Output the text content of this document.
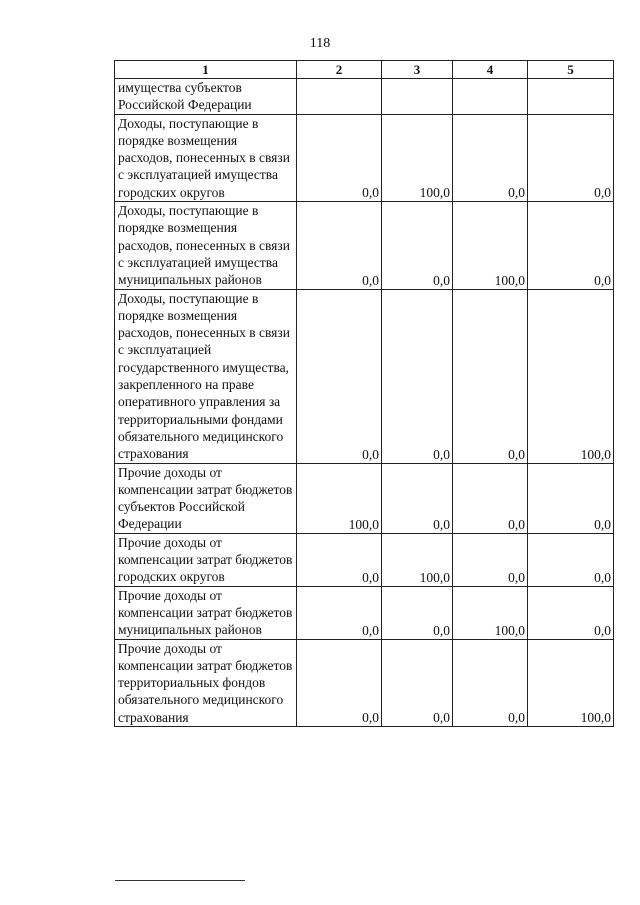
118
1	2	3	4	5
имущества субъектов Российской Федерации				
Доходы, поступающие в порядке возмещения расходов, понесенных в связи с эксплуатацией имущества городских округов	0,0	100,0	0,0	0,0
Доходы, поступающие в порядке возмещения расходов, понесенных в связи с эксплуатацией имущества муниципальных районов	0,0	0,0	100,0	0,0
Доходы, поступающие в порядке возмещения расходов, понесенных в связи с эксплуатацией государственного имущества, закрепленного на праве оперативного управления за территориальными фондами обязательного медицинского страхования	0,0	0,0	0,0	100,0
Прочие доходы от компенсации затрат бюджетов субъектов Российской Федерации	100,0	0,0	0,0	0,0
Прочие доходы от компенсации затрат бюджетов городских округов	0,0	100,0	0,0	0,0
Прочие доходы от компенсации затрат бюджетов муниципальных районов	0,0	0,0	100,0	0,0
Прочие доходы от компенсации затрат бюджетов территориальных фондов обязательного медицинского страхования	0,0	0,0	0,0	100,0
